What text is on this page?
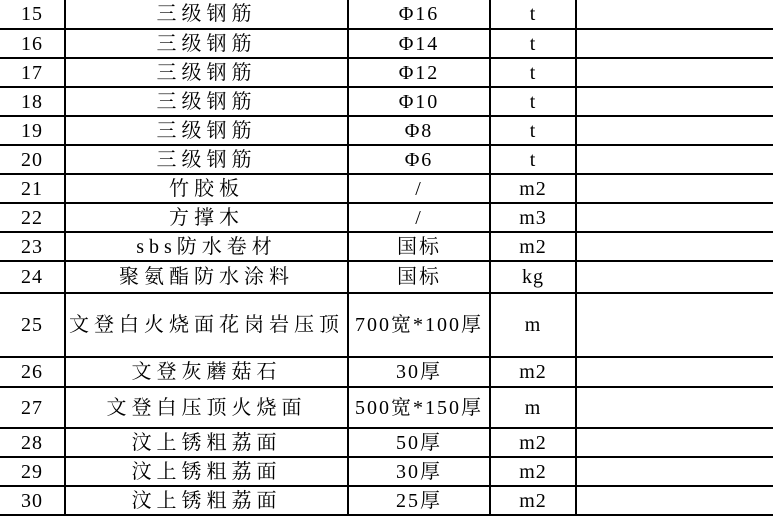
15	三级钢筋	Φ16	t	
16	三级钢筋	Φ14	t	
17	三级钢筋	Φ12	t	
18	三级钢筋	Φ10	t	
19	三级钢筋	Φ8	t	
20	三级钢筋	Φ6	t	
21	竹胶板	/	m2	
22	方撑木	/	m3	
23	sbs防水卷材	国标	m2	
24	聚氨酯防水涂料	国标	kg	
25	文登白火烧面花岗岩压顶	700宽*100厚	m	
26	文登灰蘑菇石	30厚	m2	
27	文登白压顶火烧面	500宽*150厚	m	
28	汶上锈粗荔面	50厚	m2	
29	汶上锈粗荔面	30厚	m2	
30	汶上锈粗荔面	25厚	m2	
